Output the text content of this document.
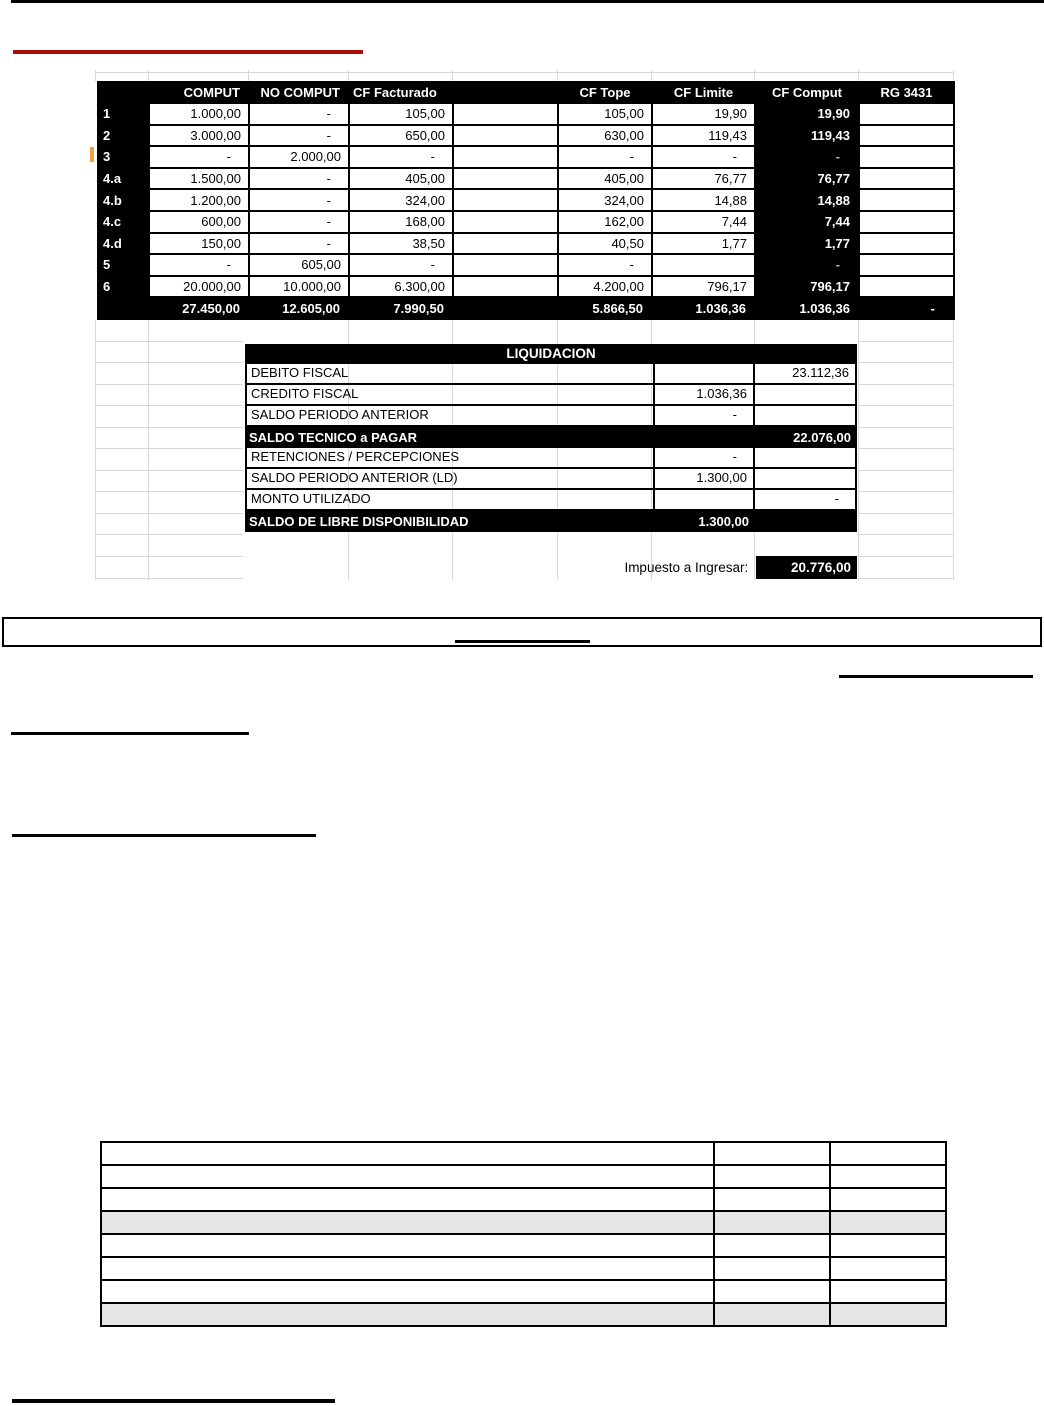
	COMPUT	NO COMPUT	CF Facturado		CF Tope	CF Limite	CF Comput	RG 3431
1	1.000,00	-	105,00		105,00	19,90	19,90	
2	3.000,00	-	650,00		630,00	119,43	119,43	
3	-	2.000,00	-		-	-	-	
4.a	1.500,00	-	405,00		405,00	76,77	76,77	
4.b	1.200,00	-	324,00		324,00	14,88	14,88	
4.c	600,00	-	168,00		162,00	7,44	7,44	
4.d	150,00	-	38,50		40,50	1,77	1,77	
5	-	605,00	-		-		-	
6	20.000,00	10.000,00	6.300,00		4.200,00	796,17	796,17	
	27.450,00	12.605,00	7.990,50		5.866,50	1.036,36	1.036,36	-
LIQUIDACION
DEBITO FISCAL	23.112,36
CREDITO FISCAL	1.036,36
SALDO PERIODO ANTERIOR	-
SALDO TECNICO a PAGAR	22.076,00
RETENCIONES / PERCEPCIONES	-
SALDO PERIODO ANTERIOR (LD)	1.300,00
MONTO UTILIZADO	-
SALDO DE LIBRE DISPONIBILIDAD	1.300,00
Impuesto a Ingresar:	20.776,00
